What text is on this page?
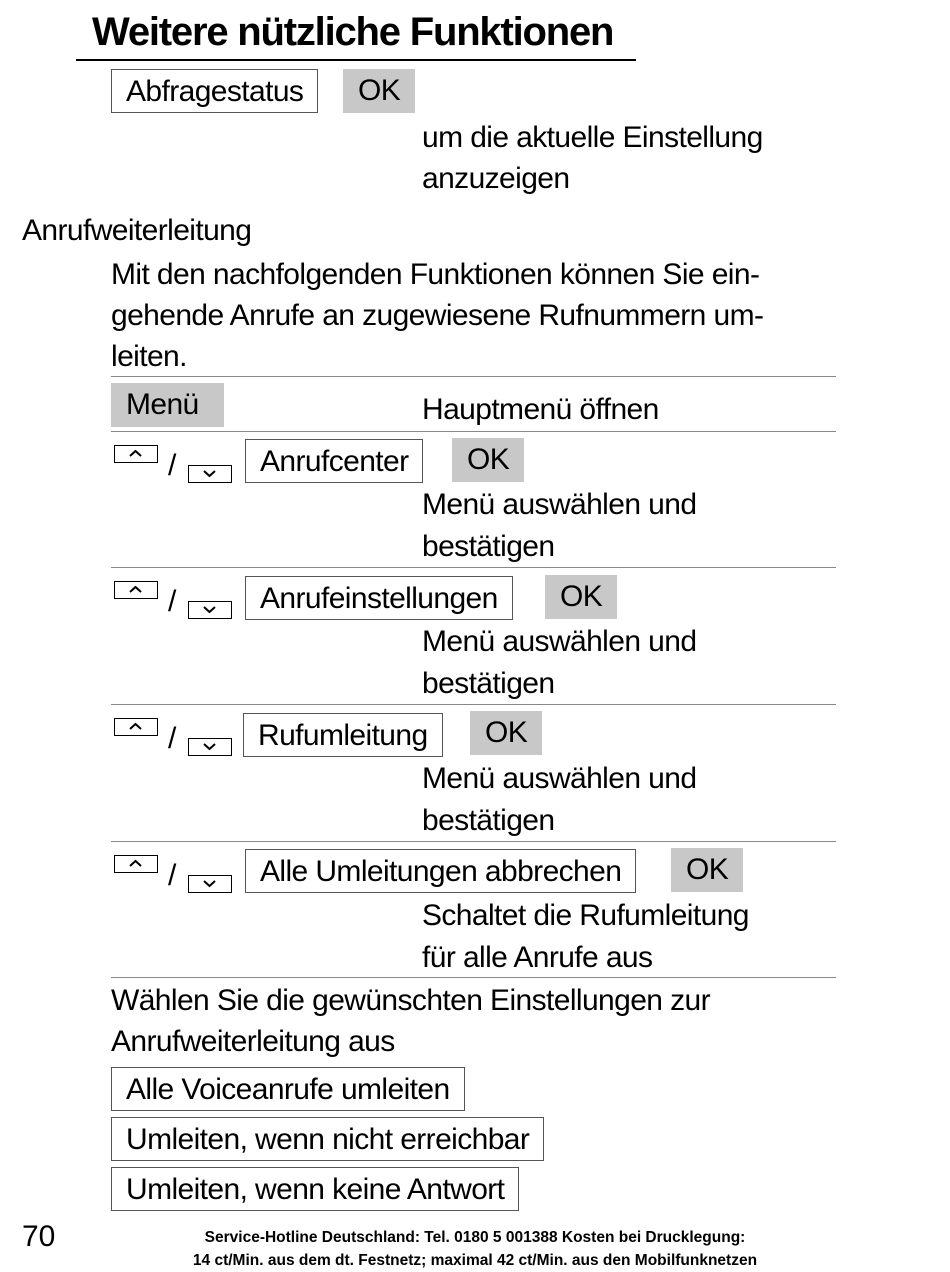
Weitere nützliche Funktionen
Abfragestatus	OK
um die aktuelle Einstellung
anzuzeigen
Anrufweiterleitung
Mit den nachfolgenden Funktionen können Sie ein-
gehende Anrufe an zugewiesene Rufnummern um-
leiten.
Menü	Hauptmenü öffnen
/	Anrufcenter	OK
Menü auswählen und
bestätigen
/	Anrufeinstellungen	OK
Menü auswählen und
bestätigen
/	Rufumleitung	OK
Menü auswählen und
bestätigen
/	Alle Umleitungen abbrechen	OK
Schaltet die Rufumleitung
für alle Anrufe aus
Wählen Sie die gewünschten Einstellungen zur
Anrufweiterleitung aus
Alle Voiceanrufe umleiten
Umleiten, wenn nicht erreichbar
Umleiten, wenn keine Antwort
70	Service-Hotline Deutschland: Tel. 0180 5 001388 Kosten bei Drucklegung:
14 ct/Min. aus dem dt. Festnetz; maximal 42 ct/Min. aus den Mobilfunknetzen
